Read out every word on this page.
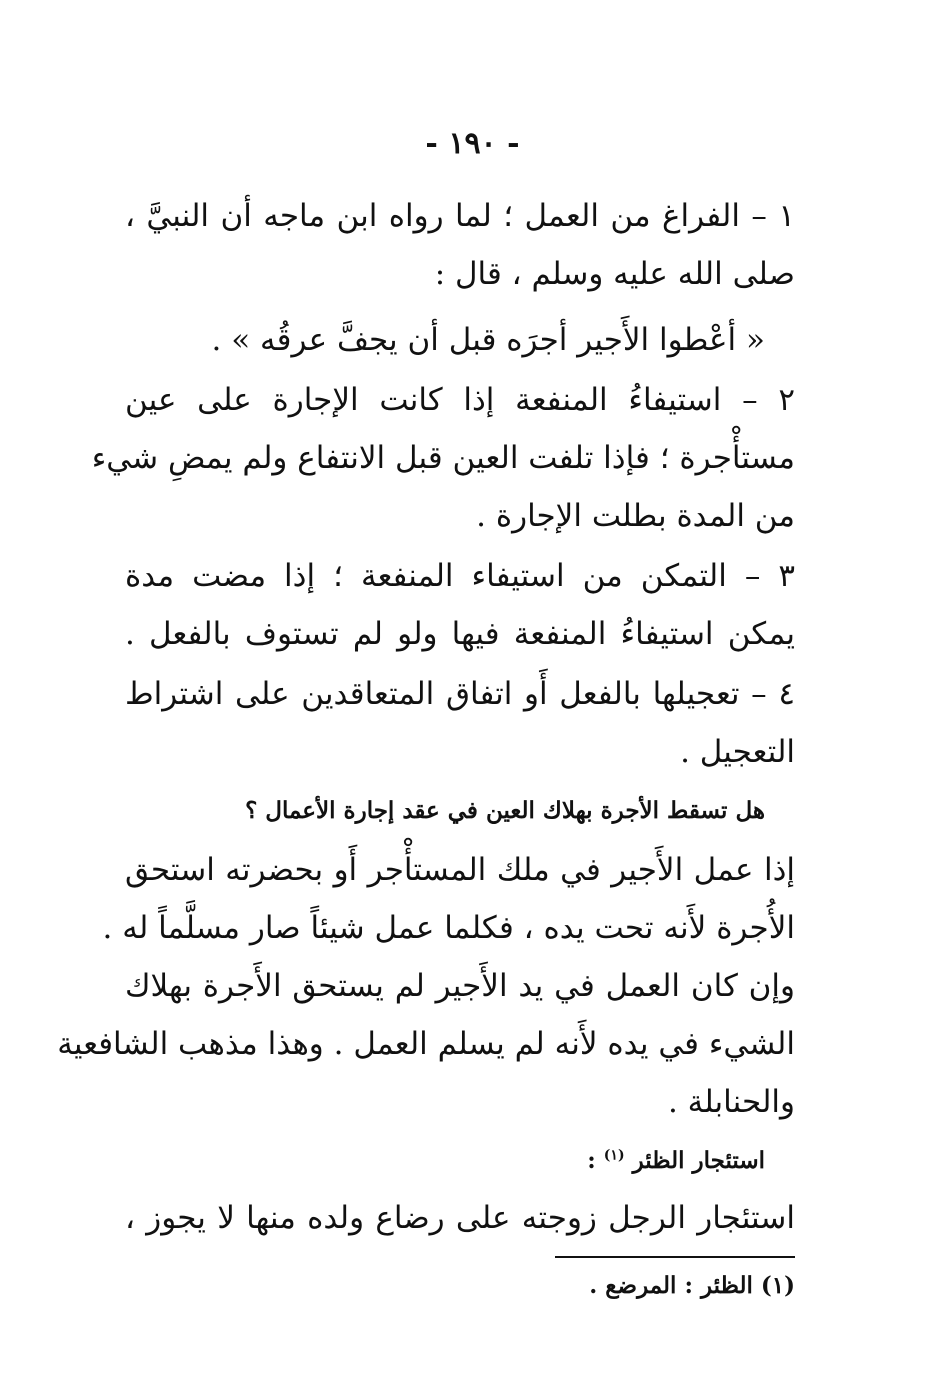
- ١٩٠ -
١ – الفراغ من العمل ؛ لما رواه ابن ماجه أن النبيَّ ،
صلى الله عليه وسلم ، قال :
« أعْطوا الأَجير أجرَه قبل أن يجفَّ عرقُه » .
٢ – استيفاءُ المنفعة إذا كانت الإجارة على عين
مستأْجرة ؛ فإذا تلفت العين قبل الانتفاع ولم يمضِ شيء
من المدة بطلت الإجارة .
٣ – التمكن من استيفاء المنفعة ؛ إذا مضت مدة
يمكن استيفاءُ المنفعة فيها ولو لم تستوف بالفعل .
٤ – تعجيلها بالفعل أَو اتفاق المتعاقدين على اشتراط
التعجيل .
هل تسقط الأجرة بهلاك العين في عقد إجارة الأعمال ؟
إذا عمل الأَجير في ملك المستأْجر أَو بحضرته استحق
الأُجرة لأَنه تحت يده ، فكلما عمل شيئاً صار مسلَّماً له .
وإن كان العمل في يد الأَجير لم يستحق الأَجرة بهلاك
الشيء في يده لأَنه لم يسلم العمل . وهذا مذهب الشافعية
والحنابلة .
استئجار الظئر $^{(١)}$ :
استئجار الرجل زوجته على رضاع ولده منها لا يجوز ،
(١) الظئر : المرضع .
